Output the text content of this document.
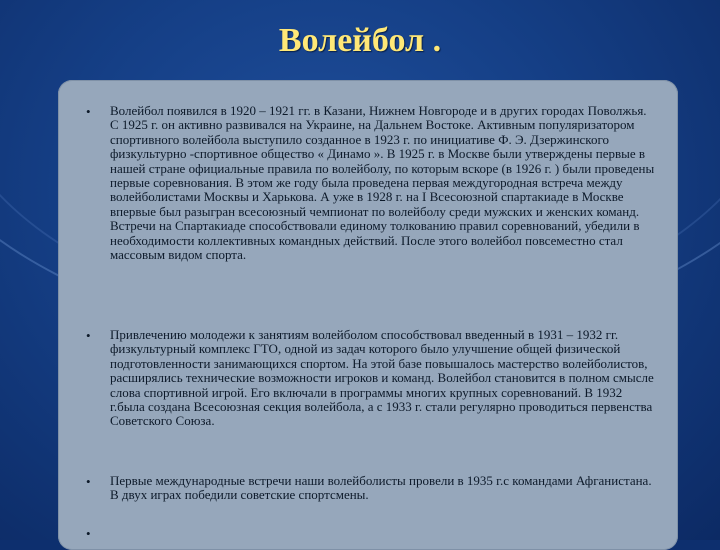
Волейбол .
• Волейбол появился в 1920 – 1921 гг. в Казани, Нижнем Новгороде и в других городах Поволжья. С 1925 г. он активно развивался на Украине, на Дальнем Востоке. Активным популяризатором спортивного волейбола выступило созданное в 1923 г. по инициативе Ф. Э. Дзержинского физкультурно -спортивное общество « Динамо ». В 1925 г. в Москве были утверждены первые в нашей стране официальные правила по волейболу, по которым вскоре (в 1926 г. ) были проведены первые соревнования. В этом же году была проведена первая междугородная встреча между волейболистами Москвы и Харькова. А уже в 1928 г. на I Всесоюзной спартакиаде в Москве впервые был разыгран всесоюзный чемпионат по волейболу среди мужских и женских команд. Встречи на Спартакиаде способствовали единому толкованию правил соревнований, убедили в необходимости коллективных командных действий. После этого волейбол повсеместно стал массовым видом спорта.

• Привлечению молодежи к занятиям волейболом способствовал введенный в 1931 – 1932 гг. физкультурный комплекс ГТО, одной из задач которого было улучшение общей физической подготовленности занимающихся спортом. На этой базе повышалось мастерство волейболистов, расширялись технические возможности игроков и команд. Волейбол становится в полном смысле слова спортивной игрой. Его включали в программы многих крупных соревнований. В 1932 г.была создана Всесоюзная секция волейбола, а с 1933 г. стали регулярно проводиться первенства Советского Союза.

• Первые международные встречи наши волейболисты провели в 1935 г.с командами Афганистана. В двух играх победили советские спортсмены.

•
